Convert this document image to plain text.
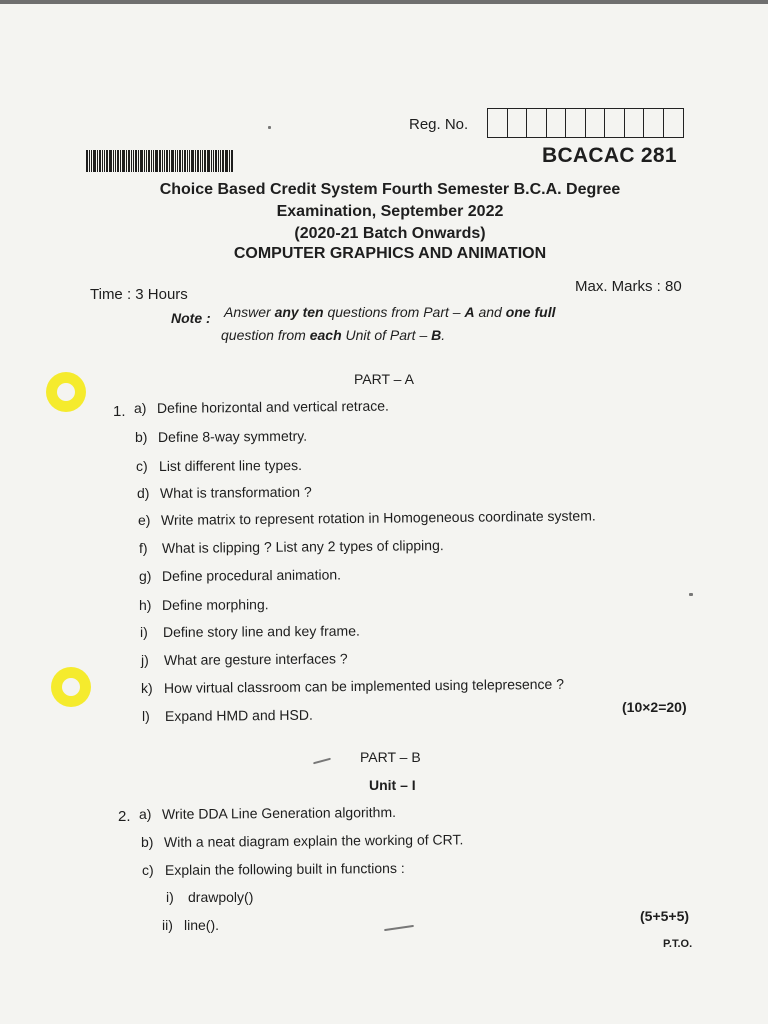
Reg. No.
BCACAC 281
Choice Based Credit System Fourth Semester B.C.A. Degree
Examination, September 2022
(2020-21 Batch Onwards)
COMPUTER GRAPHICS AND ANIMATION
Time : 3 Hours	Max. Marks : 80
Note : Answer any ten questions from Part – A and one full
question from each Unit of Part – B.
PART – A
1. a) Define horizontal and vertical retrace.
b) Define 8-way symmetry.
c) List different line types.
d) What is transformation ?
e) Write matrix to represent rotation in Homogeneous coordinate system.
f)	What is clipping ? List any 2 types of clipping.
g) Define procedural animation.
h) Define morphing.
i)	Define story line and key frame.
j)	What are gesture interfaces ?
k) How virtual classroom can be implemented using telepresence ?
l)	Expand HMD and HSD.	(10×2=20)
PART – B
Unit – I
2. a) Write DDA Line Generation algorithm.
b) With a neat diagram explain the working of CRT.
c) Explain the following built in functions :
i)	drawpoly()
ii) line().
(5+5+5)
P.T.O.
